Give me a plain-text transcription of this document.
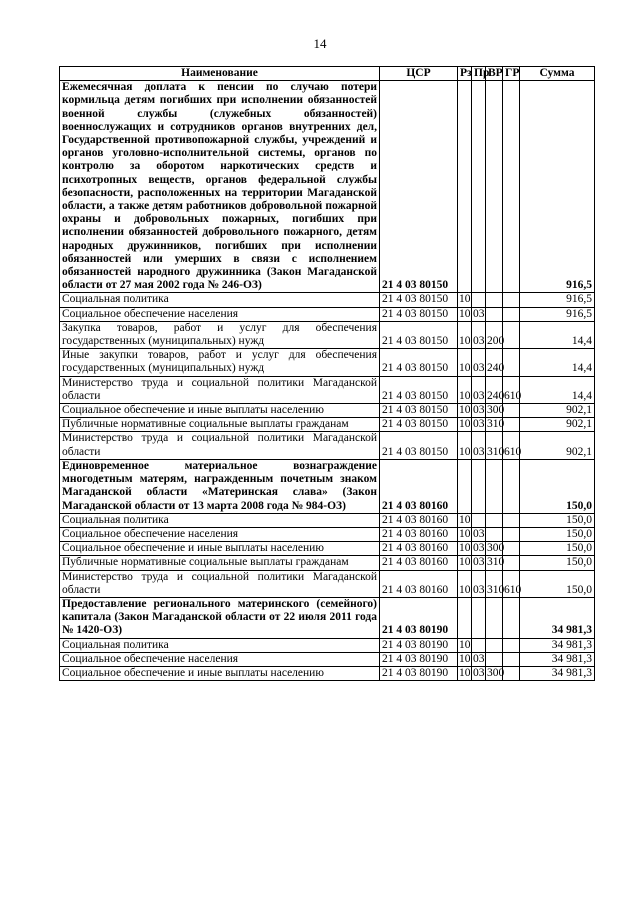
14
Наименование	ЦСР	Рз	Пр	ВР	ГР	Сумма
Ежемесячная доплата к пенсии по случаю потери кормильца детям погибших при исполнении обязанностей военной службы (служебных обязанностей) военнослужащих и сотрудников органов внутренних дел, Государственной противопожарной службы, учреждений и органов уголовно-исполнительной системы, органов по контролю за оборотом наркотических средств и психотропных веществ, органов федеральной службы безопасности, расположенных на территории Магаданской области, а также детям работников добровольной пожарной охраны и добровольных пожарных, погибших при исполнении обязанностей добровольного пожарного, детям народных дружинников, погибших при исполнении обязанностей или умерших в связи с исполнением обязанностей народного дружинника (Закон Магаданской области от 27 мая 2002 года № 246-ОЗ)	21 4 03 80150					916,5
Социальная политика	21 4 03 80150	10				916,5
Социальное обеспечение населения	21 4 03 80150	10	03			916,5
Закупка товаров, работ и услуг для обеспечения государственных (муниципальных) нужд	21 4 03 80150	10	03	200		14,4
Иные закупки товаров, работ и услуг для обеспечения государственных (муниципальных) нужд	21 4 03 80150	10	03	240		14,4
Министерство труда и социальной политики Магаданской области	21 4 03 80150	10	03	240	610	14,4
Социальное обеспечение и иные выплаты населению	21 4 03 80150	10	03	300		902,1
Публичные нормативные социальные выплаты гражданам	21 4 03 80150	10	03	310		902,1
Министерство труда и социальной политики Магаданской области	21 4 03 80150	10	03	310	610	902,1
Единовременное материальное вознаграждение многодетным матерям, награжденным почетным знаком Магаданской области «Материнская слава» (Закон Магаданской области от 13 марта 2008 года № 984-ОЗ)	21 4 03 80160					150,0
Социальная политика	21 4 03 80160	10				150,0
Социальное обеспечение населения	21 4 03 80160	10	03			150,0
Социальное обеспечение и иные выплаты населению	21 4 03 80160	10	03	300		150,0
Публичные нормативные социальные выплаты гражданам	21 4 03 80160	10	03	310		150,0
Министерство труда и социальной политики Магаданской области	21 4 03 80160	10	03	310	610	150,0
Предоставление регионального материнского (семейного) капитала (Закон Магаданской области от 22 июля 2011 года № 1420-ОЗ)	21 4 03 80190					34 981,3
Социальная политика	21 4 03 80190	10				34 981,3
Социальное обеспечение населения	21 4 03 80190	10	03			34 981,3
Социальное обеспечение и иные выплаты населению	21 4 03 80190	10	03	300		34 981,3
